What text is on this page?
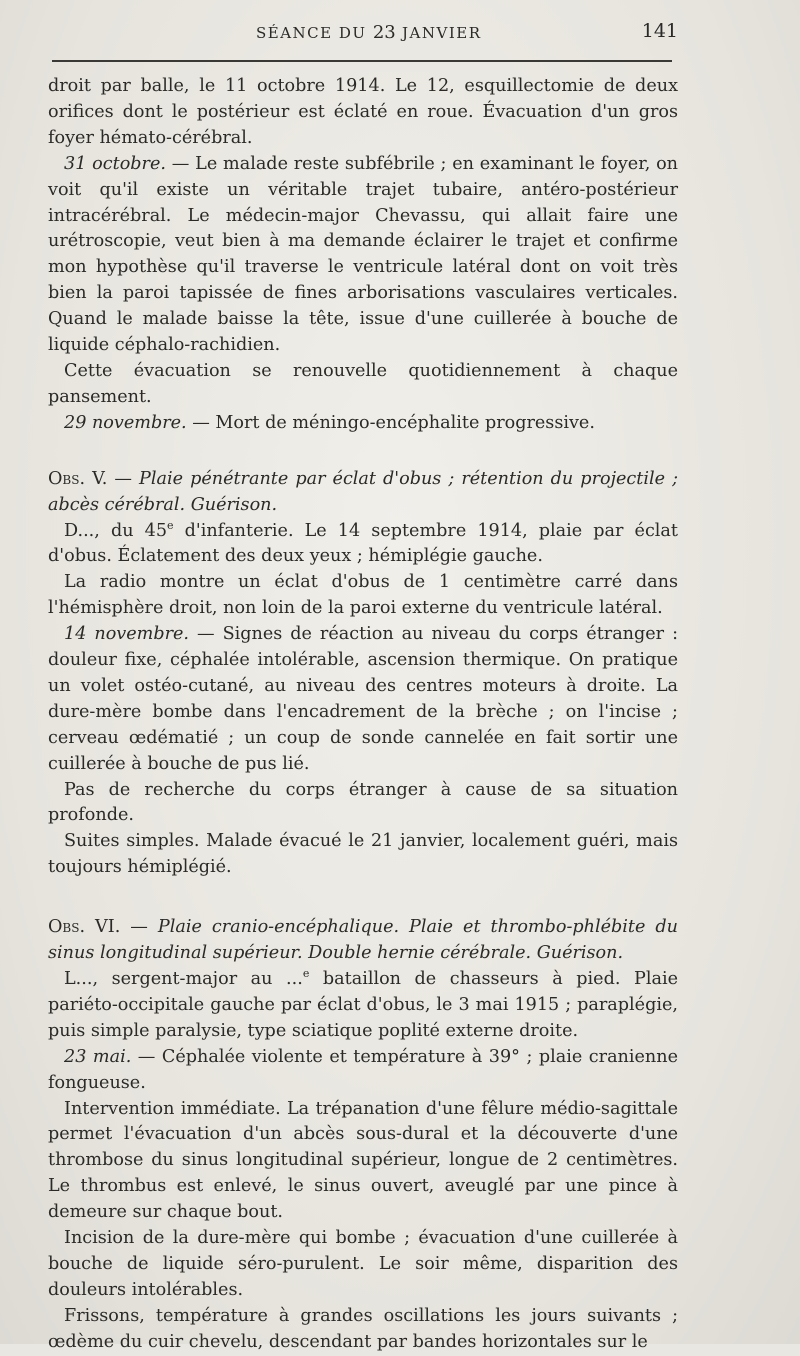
SÉANCE DU 23 JANVIER	141

droit par balle, le 11 octobre 1914. Le 12, esquillectomie de deux orifices dont le postérieur est éclaté en roue. Évacuation d'un gros foyer hémato-cérébral.

31 octobre. — Le malade reste subfébrile ; en examinant le foyer, on voit qu'il existe un véritable trajet tubaire, antéro-postérieur intracérébral. Le médecin-major Chevassu, qui allait faire une urétroscopie, veut bien à ma demande éclairer le trajet et confirme mon hypothèse qu'il traverse le ventricule latéral dont on voit très bien la paroi tapissée de fines arborisations vasculaires verticales. Quand le malade baisse la tête, issue d'une cuillerée à bouche de liquide céphalo-rachidien.

Cette évacuation se renouvelle quotidiennement à chaque pansement.

29 novembre. — Mort de méningo-encéphalite progressive.

Obs. V. — Plaie pénétrante par éclat d'obus ; rétention du projectile ; abcès cérébral. Guérison.

D..., du 45e d'infanterie. Le 14 septembre 1914, plaie par éclat d'obus. Éclatement des deux yeux ; hémiplégie gauche.

La radio montre un éclat d'obus de 1 centimètre carré dans l'hémisphère droit, non loin de la paroi externe du ventricule latéral.

14 novembre. — Signes de réaction au niveau du corps étranger : douleur fixe, céphalée intolérable, ascension thermique. On pratique un volet ostéo-cutané, au niveau des centres moteurs à droite. La dure-mère bombe dans l'encadrement de la brèche ; on l'incise ; cerveau œdématié ; un coup de sonde cannelée en fait sortir une cuillerée à bouche de pus lié.

Pas de recherche du corps étranger à cause de sa situation profonde.

Suites simples. Malade évacué le 21 janvier, localement guéri, mais toujours hémiplégié.

Obs. VI. — Plaie cranio-encéphalique. Plaie et thrombo-phlébite du sinus longitudinal supérieur. Double hernie cérébrale. Guérison.

L..., sergent-major au ...$^e$ bataillon de chasseurs à pied. Plaie pariéto-occipitale gauche par éclat d'obus, le 3 mai 1915 ; paraplégie, puis simple paralysie, type sciatique poplité externe droite.

23 mai. — Céphalée violente et température à 39° ; plaie cranienne fongueuse.

Intervention immédiate. La trépanation d'une fêlure médio-sagittale permet l'évacuation d'un abcès sous-dural et la découverte d'une thrombose du sinus longitudinal supérieur, longue de 2 centimètres. Le thrombus est enlevé, le sinus ouvert, aveuglé par une pince à demeure sur chaque bout.

Incision de la dure-mère qui bombe ; évacuation d'une cuillerée à bouche de liquide séro-purulent. Le soir même, disparition des douleurs intolérables.

Frissons, température à grandes oscillations les jours suivants ; œdème du cuir chevelu, descendant par bandes horizontales sur le
